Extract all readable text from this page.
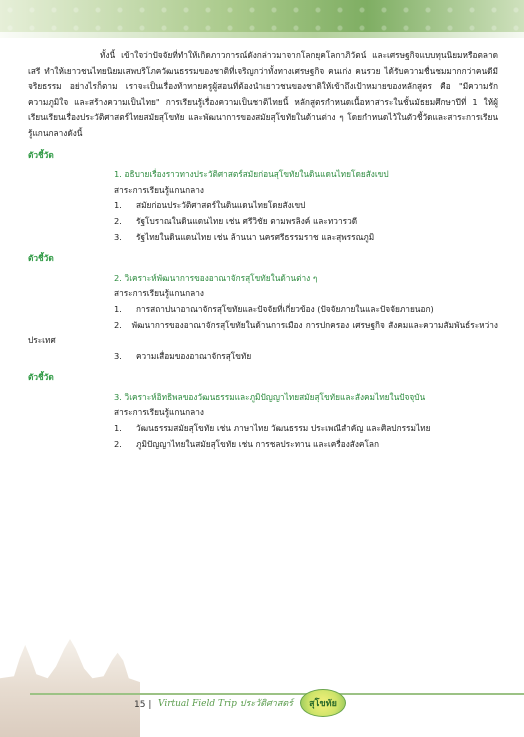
ทั้งนี้ เข้าใจว่าปัจจัยที่ทำให้เกิดภาวการณ์ดังกล่าวมาจากโลกยุคโลกาภิวัตน์ และเศรษฐกิจแบบทุนนิยมหรือตลาดเสรี ทำให้เยาวชนไทยนิยมเสพบริโภควัฒนธรรมของชาติที่เจริญกว่าทั้งทางเศรษฐกิจ คนเก่ง คนรวย ได้รับความชื่นชมมากกว่าคนดีมีจริยธรรม อย่างไรก็ตาม เราจะเป็นเรื่องท้าทายครูผู้สอนที่ต้องนำเยาวชนของชาติให้เข้าถึงเป้าหมายของหลักสูตร คือ "มีความรัก ความภูมิใจ และสร้างความเป็นไทย" การเรียนรู้เรื่องความเป็นชาติไทยนี้ หลักสูตรกำหนดเนื้อหาสาระในชั้นมัธยมศึกษาปีที่ 1 ให้ผู้เรียนเรียนเรื่องประวัติศาสตร์ไทยสมัยสุโขทัย และพัฒนาการของสมัยสุโขทัยในด้านต่าง ๆ โดยกำหนดไว้ในตัวชี้วัดและสาระการเรียนรู้แกนกลางดังนี้

ตัวชี้วัด

1. อธิบายเรื่องราวทางประวัติศาสตร์สมัยก่อนสุโขทัยในดินแดนไทยโดยสังเขป

สาระการเรียนรู้แกนกลาง

1. สมัยก่อนประวัติศาสตร์ในดินแดนไทยโดยสังเขป

2. รัฐโบราณในดินแดนไทย เช่น ศรีวิชัย ตามพรลิงค์ และทวารวดี

3. รัฐไทยในดินแดนไทย เช่น ล้านนา นครศรีธรรมราช และสุพรรณภูมิ

ตัวชี้วัด

2. วิเคราะห์พัฒนาการของอาณาจักรสุโขทัยในด้านต่าง ๆ

สาระการเรียนรู้แกนกลาง

1. การสถาปนาอาณาจักรสุโขทัยและปัจจัยที่เกี่ยวข้อง (ปัจจัยภายในและปัจจัยภายนอก)

2. พัฒนาการของอาณาจักรสุโขทัยในด้านการเมือง การปกครอง เศรษฐกิจ สังคมและความสัมพันธ์ระหว่างประเทศ

3. ความเสื่อมของอาณาจักรสุโขทัย

ตัวชี้วัด

3. วิเคราะห์อิทธิพลของวัฒนธรรมและภูมิปัญญาไทยสมัยสุโขทัยและสังคมไทยในปัจจุบัน

สาระการเรียนรู้แกนกลาง

1. วัฒนธรรมสมัยสุโขทัย เช่น ภาษาไทย วัฒนธรรม ประเพณีสำคัญ และศิลปกรรมไทย

2. ภูมิปัญญาไทยในสมัยสุโขทัย เช่น การชลประทาน และเครื่องสังคโลก

15 | Virtual Field Trip ประวัติศาสตร์	สุโขทัย
